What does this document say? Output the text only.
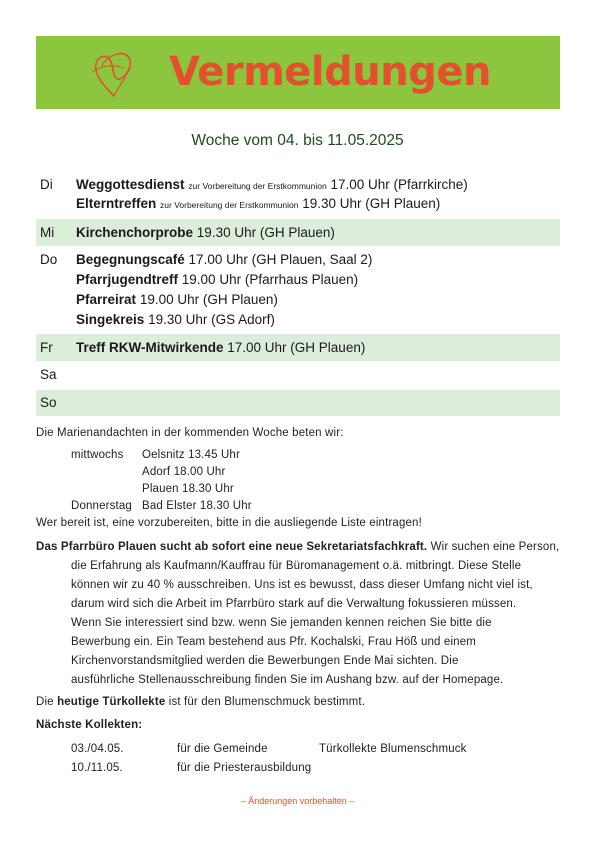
Vermeldungen
Woche vom 04. bis 11.05.2025
Di Weggottesdienst zur Vorbereitung der Erstkommunion 17.00 Uhr (Pfarrkirche)
Elterntreffen zur Vorbereitung der Erstkommunion 19.30 Uhr (GH Plauen)
Mi Kirchenchorprobe 19.30 Uhr (GH Plauen)
Do Begegnungscafé 17.00 Uhr (GH Plauen, Saal 2)
Pfarrjugendtreff 19.00 Uhr (Pfarrhaus Plauen)
Pfarreirat 19.00 Uhr (GH Plauen)
Singekreis 19.30 Uhr (GS Adorf)
Fr Treff RKW-Mitwirkende 17.00 Uhr (GH Plauen)
Sa
So
Die Marienandachten in der kommenden Woche beten wir:
mittwochs Oelsnitz 13.45 Uhr
Adorf 18.00 Uhr
Plauen 18.30 Uhr
Donnerstag Bad Elster 18.30 Uhr
Wer bereit ist, eine vorzubereiten, bitte in die ausliegende Liste eintragen!
Das Pfarrbüro Plauen sucht ab sofort eine neue Sekretariatsfachkraft. Wir suchen eine Person,
die Erfahrung als Kaufmann/Kauffrau für Büromanagement o.ä. mitbringt. Diese Stelle
können wir zu 40 % ausschreiben. Uns ist es bewusst, dass dieser Umfang nicht viel ist,
darum wird sich die Arbeit im Pfarrbüro stark auf die Verwaltung fokussieren müssen.
Wenn Sie interessiert sind bzw. wenn Sie jemanden kennen reichen Sie bitte die
Bewerbung ein. Ein Team bestehend aus Pfr. Kochalski, Frau Höß und einem
Kirchenvorstandsmitglied werden die Bewerbungen Ende Mai sichten. Die
ausführliche Stellenausschreibung finden Sie im Aushang bzw. auf der Homepage.
Die heutige Türkollekte ist für den Blumenschmuck bestimmt.
Nächste Kollekten:
03./04.05.	für die Gemeinde	Türkollekte Blumenschmuck
10./11.05.	für die Priesterausbildung
– Änderungen vorbehalten –
